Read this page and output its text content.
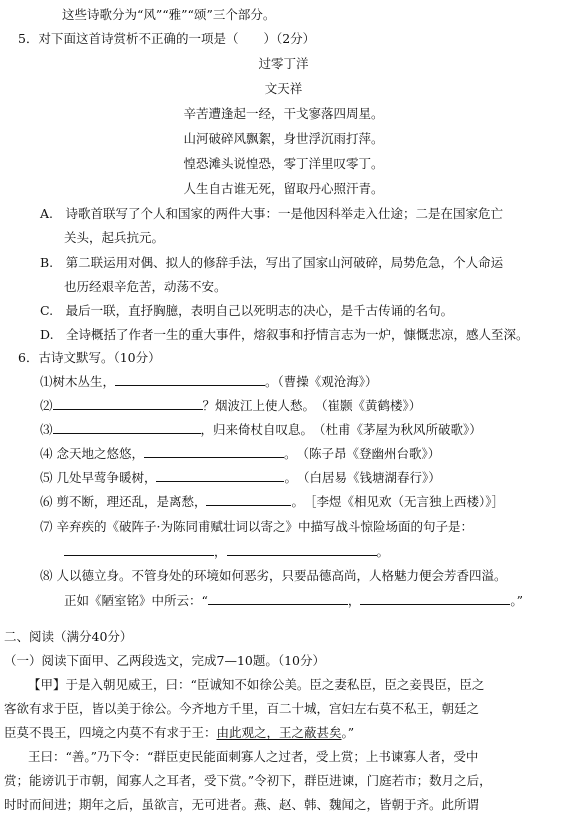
这些诗歌分为“风”“雅”“颂”三个部分。
5．对下面这首诗赏析不正确的一项是（　　）（2分）
过零丁洋
文天祥
辛苦遭逢起一经，干戈寥落四周星。
山河破碎风飘絮，身世浮沉雨打萍。
惶恐滩头说惶恐，零丁洋里叹零丁。
人生自古谁无死，留取丹心照汗青。
A.　诗歌首联写了个人和国家的两件大事：一是他因科举走入仕途；二是在国家危亡
关头，起兵抗元。
B.　第二联运用对偶、拟人的修辞手法，写出了国家山河破碎，局势危急，个人命运
也历经艰辛危苦，动荡不安。
C.　最后一联，直抒胸臆，表明自己以死明志的决心，是千古传诵的名句。
D.　全诗概括了作者一生的重大事件，熔叙事和抒情言志为一炉，慷慨悲凉，感人至深。
6．古诗文默写。（10分）
⑴树木丛生，	。（曹操《观沧海》）
⑵	？烟波江上使人愁。　（崔颢《黄鹤楼》）
⑶	，归来倚杖自叹息。　（杜甫《茅屋为秋风所破歌》）
⑷ 念天地之悠悠，	。　（陈子昂《登幽州台歌》）
⑸ 几处早莺争暖树，	。　（白居易《钱塘湖春行》）
⑹ 剪不断，理还乱，是离愁，	。　［李煜《相见欢（无言独上西楼）》］
⑺ 辛弃疾的《破阵子·为陈同甫赋壮词以寄之》中描写战斗惊险场面的句子是：
，	。
⑻ 人以德立身。不管身处的环境如何恶劣，只要品德高尚，人格魅力便会芳香四溢。
正如《陋室铭》中所云：“	，	。”
二、阅读（满分40分）
（一）阅读下面甲、乙两段选文，完成7—10题。（10分）
【甲】于是入朝见威王，曰：“臣诚知不如徐公美。臣之妻私臣，臣之妾畏臣，臣之
客欲有求于臣，皆以美于徐公。今齐地方千里，百二十城，宫妇左右莫不私王，朝廷之
臣莫不畏王，四境之内莫不有求于王：由此观之，王之蔽甚矣。”
王曰：“善。”乃下令：“群臣吏民能面刺寡人之过者，受上赏；上书谏寡人者，受中
赏；能谤讥于市朝，闻寡人之耳者，受下赏。”令初下，群臣进谏，门庭若市；数月之后，
时时而间进；期年之后，虽欲言，无可进者。燕、赵、韩、魏闻之，皆朝于齐。此所谓
